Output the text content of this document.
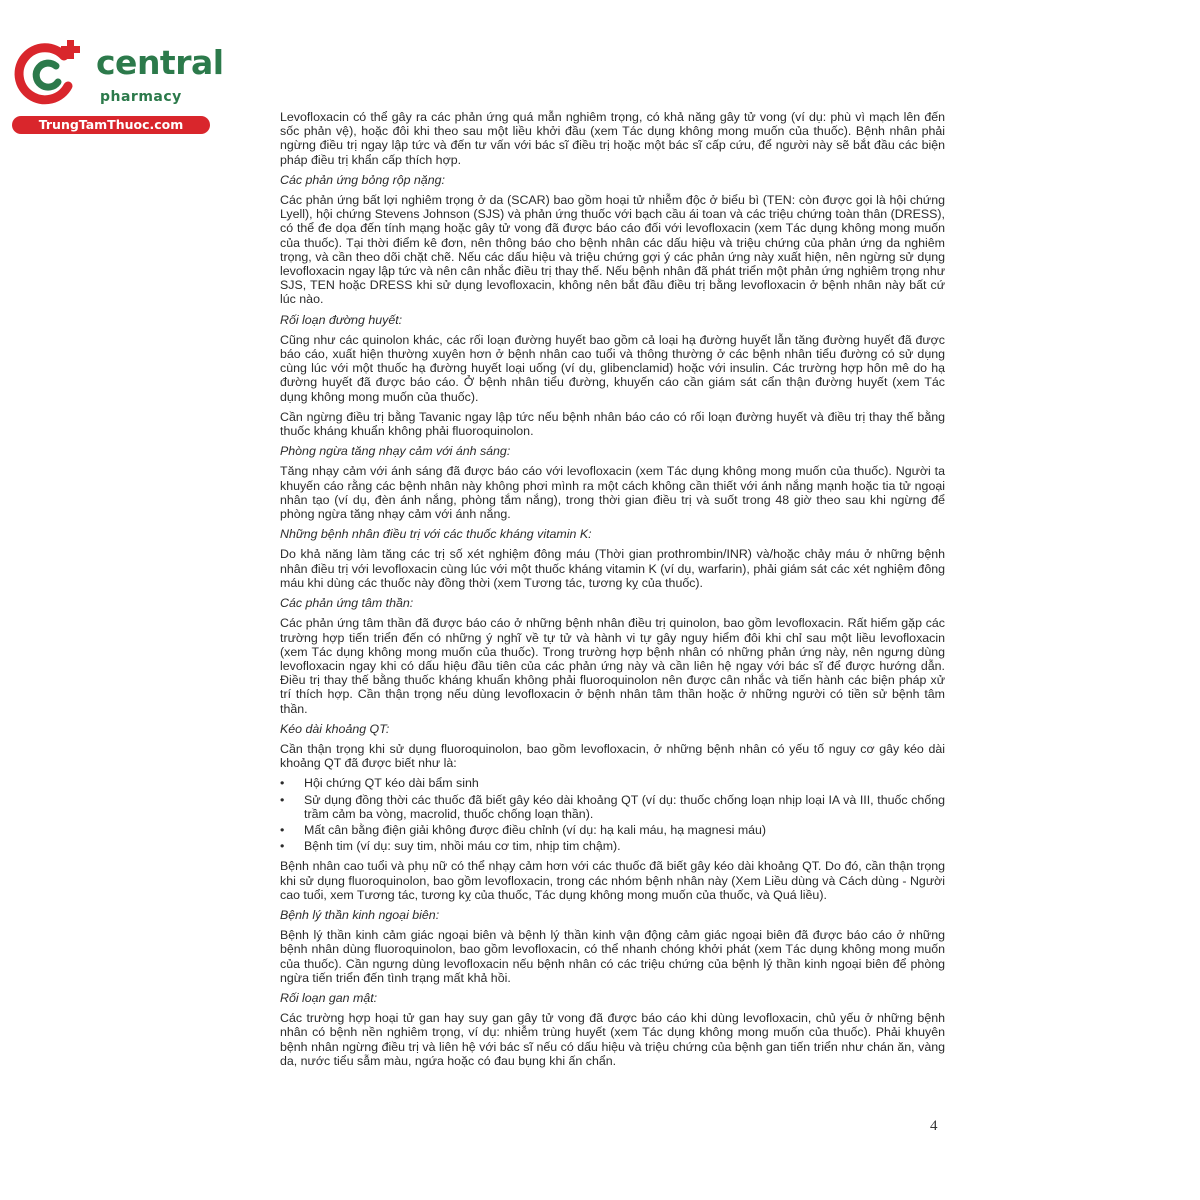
central
pharmacy
TrungTamThuoc.com	Levofloxacin có thể gây ra các phản ứng quá mẫn nghiêm trọng, có khả năng gây tử vong (ví dụ: phù vì mạch lên đến sốc phản vệ), hoặc đôi khi theo sau một liều khởi đầu (xem Tác dụng không mong muốn của thuốc). Bệnh nhân phải ngừng điều trị ngay lập tức và đến tư vấn với bác sĩ điều trị hoặc một bác sĩ cấp cứu, để người này sẽ bắt đầu các biện pháp điều trị khẩn cấp thích hợp.

Các phản ứng bỏng rộp nặng:

Các phản ứng bất lợi nghiêm trọng ở da (SCAR) bao gồm hoại tử nhiễm độc ở biểu bì (TEN: còn được gọi là hội chứng Lyell), hội chứng Stevens Johnson (SJS) và phản ứng thuốc với bạch cầu ái toan và các triệu chứng toàn thân (DRESS), có thể đe dọa đến tính mạng hoặc gây tử vong đã được báo cáo đối với levofloxacin (xem Tác dụng không mong muốn của thuốc). Tại thời điểm kê đơn, nên thông báo cho bệnh nhân các dấu hiệu và triệu chứng của phản ứng da nghiêm trọng, và cần theo dõi chặt chẽ. Nếu các dấu hiệu và triệu chứng gợi ý các phản ứng này xuất hiện, nên ngừng sử dụng levofloxacin ngay lập tức và nên cân nhắc điều trị thay thế. Nếu bệnh nhân đã phát triển một phản ứng nghiêm trọng như SJS, TEN hoặc DRESS khi sử dụng levofloxacin, không nên bắt đầu điều trị bằng levofloxacin ở bệnh nhân này bất cứ lúc nào.

Rối loạn đường huyết:

Cũng như các quinolon khác, các rối loạn đường huyết bao gồm cả loại hạ đường huyết lẫn tăng đường huyết đã được báo cáo, xuất hiện thường xuyên hơn ở bệnh nhân cao tuổi và thông thường ở các bệnh nhân tiểu đường có sử dụng cùng lúc với một thuốc hạ đường huyết loại uống (ví dụ, glibenclamid) hoặc với insulin. Các trường hợp hôn mê do hạ đường huyết đã được báo cáo. Ở bệnh nhân tiểu đường, khuyến cáo cần giám sát cẩn thận đường huyết (xem Tác dụng không mong muốn của thuốc).

Cần ngừng điều trị bằng Tavanic ngay lập tức nếu bệnh nhân báo cáo có rối loạn đường huyết và điều trị thay thế bằng thuốc kháng khuẩn không phải fluoroquinolon.

Phòng ngừa tăng nhạy cảm với ánh sáng:

Tăng nhạy cảm với ánh sáng đã được báo cáo với levofloxacin (xem Tác dụng không mong muốn của thuốc). Người ta khuyến cáo rằng các bệnh nhân này không phơi mình ra một cách không cần thiết với ánh nắng mạnh hoặc tia tử ngoại nhân tạo (ví dụ, đèn ánh nắng, phòng tắm nắng), trong thời gian điều trị và suốt trong 48 giờ theo sau khi ngừng để phòng ngừa tăng nhạy cảm với ánh nắng.

Những bệnh nhân điều trị với các thuốc kháng vitamin K:

Do khả năng làm tăng các trị số xét nghiệm đông máu (Thời gian prothrombin/INR) và/hoặc chảy máu ở những bệnh nhân điều trị với levofloxacin cùng lúc với một thuốc kháng vitamin K (ví dụ, warfarin), phải giám sát các xét nghiệm đông máu khi dùng các thuốc này đồng thời (xem Tương tác, tương kỵ của thuốc).

Các phản ứng tâm thần:

Các phản ứng tâm thần đã được báo cáo ở những bệnh nhân điều trị quinolon, bao gồm levofloxacin. Rất hiếm gặp các trường hợp tiến triển đến có những ý nghĩ về tự tử và hành vi tự gây nguy hiểm đôi khi chỉ sau một liều levofloxacin (xem Tác dụng không mong muốn của thuốc). Trong trường hợp bệnh nhân có những phản ứng này, nên ngưng dùng levofloxacin ngay khi có dấu hiệu đầu tiên của các phản ứng này và cần liên hệ ngay với bác sĩ để được hướng dẫn. Điều trị thay thế bằng thuốc kháng khuẩn không phải fluoroquinolon nên được cân nhắc và tiến hành các biện pháp xử trí thích hợp. Cần thận trọng nếu dùng levofloxacin ở bệnh nhân tâm thần hoặc ở những người có tiền sử bệnh tâm thần.

Kéo dài khoảng QT:

Cần thận trọng khi sử dụng fluoroquinolon, bao gồm levofloxacin, ở những bệnh nhân có yếu tố nguy cơ gây kéo dài khoảng QT đã được biết như là:

• Hội chứng QT kéo dài bẩm sinh
• Sử dụng đồng thời các thuốc đã biết gây kéo dài khoảng QT (ví dụ: thuốc chống loạn nhịp loại IA và III, thuốc chống trầm cảm ba vòng, macrolid, thuốc chống loạn thần).
• Mất cân bằng điện giải không được điều chỉnh (ví dụ: hạ kali máu, hạ magnesi máu)
• Bệnh tim (ví dụ: suy tim, nhồi máu cơ tim, nhịp tim chậm).

Bệnh nhân cao tuổi và phụ nữ có thể nhạy cảm hơn với các thuốc đã biết gây kéo dài khoảng QT. Do đó, cần thận trọng khi sử dụng fluoroquinolon, bao gồm levofloxacin, trong các nhóm bệnh nhân này (Xem Liều dùng và Cách dùng - Người cao tuổi, xem Tương tác, tương kỵ của thuốc, Tác dụng không mong muốn của thuốc, và Quá liều).

Bệnh lý thần kinh ngoại biên:

Bệnh lý thần kinh cảm giác ngoại biên và bệnh lý thần kinh vận động cảm giác ngoại biên đã được báo cáo ở những bệnh nhân dùng fluoroquinolon, bao gồm levofloxacin, có thể nhanh chóng khởi phát (xem Tác dụng không mong muốn của thuốc). Cần ngưng dùng levofloxacin nếu bệnh nhân có các triệu chứng của bệnh lý thần kinh ngoại biên để phòng ngừa tiến triển đến tình trạng mất khả hồi.

Rối loạn gan mật:

Các trường hợp hoại tử gan hay suy gan gây tử vong đã được báo cáo khi dùng levofloxacin, chủ yếu ở những bệnh nhân có bệnh nền nghiêm trọng, ví dụ: nhiễm trùng huyết (xem Tác dụng không mong muốn của thuốc). Phải khuyên bệnh nhân ngừng điều trị và liên hệ với bác sĩ nếu có dấu hiệu và triệu chứng của bệnh gan tiến triển như chán ăn, vàng da, nước tiểu sẫm màu, ngứa hoặc có đau bụng khi ấn chẩn.

4
